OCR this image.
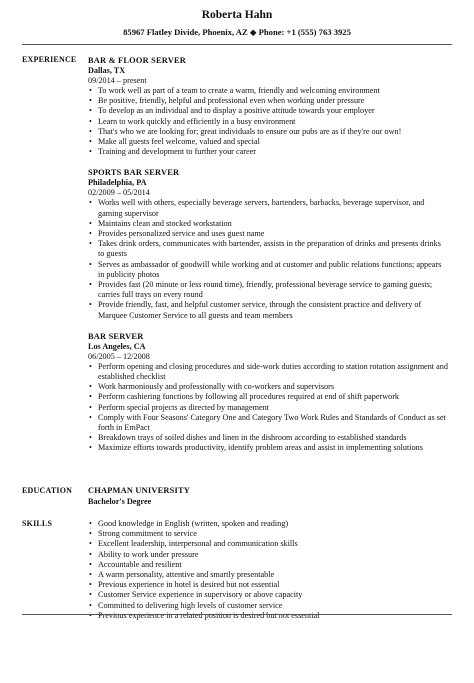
Roberta Hahn
85967 Flatley Divide, Phoenix, AZ ◆ Phone: +1 (555) 763 3925
EXPERIENCE BAR & FLOOR SERVER
Dallas, TX
09/2014 – present
• To work well as part of a team to create a warm, friendly and welcoming environment
• Be positive, friendly, helpful and professional even when working under pressure
• To develop as an individual and to display a positive attitude towards your employer
• Learn to work quickly and efficiently in a busy environment
• That's who we are looking for; great individuals to ensure our pubs are as if they're our own!
• Make all guests feel welcome, valued and special
• Training and development to further your career
SPORTS BAR SERVER
Philadelphia, PA
02/2009 – 05/2014
• Works well with others, especially beverage servers, bartenders, barbacks, beverage supervisor, and gaming supervisor
• Maintains clean and stocked workstation
• Provides personalized service and uses guest name
• Takes drink orders, communicates with bartender, assists in the preparation of drinks and presents drinks to guests
• Serves as ambassador of goodwill while working and at customer and public relations functions; appears in publicity photos
• Provides fast (20 minute or less round time), friendly, professional beverage service to gaming guests; carries full trays on every round
• Provide friendly, fast, and helpful customer service, through the consistent practice and delivery of Marquee Customer Service to all guests and team members
BAR SERVER
Los Angeles, CA
06/2005 – 12/2008
• Perform opening and closing procedures and side-work duties according to station rotation assignment and established checklist
• Work harmoniously and professionally with co-workers and supervisors
• Perform cashiering functions by following all procedures required at end of shift paperwork
• Perform special projects as directed by management
• Comply with Four Seasons' Category One and Category Two Work Rules and Standards of Conduct as set forth in EmPact
• Breakdown trays of soiled dishes and linen in the dishroom according to established standards
• Maximize efforts towards productivity, identify problem areas and assist in implementing solutions
EDUCATION CHAPMAN UNIVERSITY
Bachelor's Degree
SKILLS
•	Good knowledge in English (written, spoken and reading)
• Strong commitment to service
• Excellent leadership, interpersonal and communication skills
• Ability to work under pressure
• Accountable and resilient
• A warm personality, attentive and smartly presentable
• Previous experience in hotel is desired but not essential
• Customer Service experience in supervisory or above capacity
• Committed to delivering high levels of customer service
• Previous experience in a related position is desired but not essential
